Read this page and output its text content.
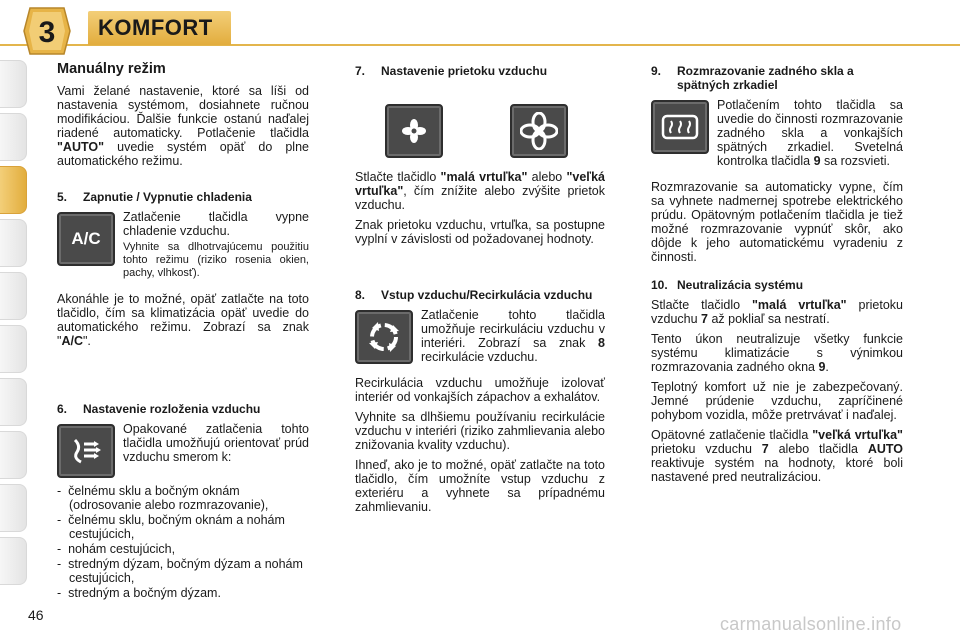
3	KOMFORT
Manuálny režim

Vami želané nastavenie, ktoré sa líši od nastavenia systémom, dosiahnete ručnou modifikáciou. Ďalšie funkcie ostanú naďalej riadené automaticky. Potlačenie tlačidla "AUTO" uvedie systém opäť do plne automatického režimu.

5.	Zapnutie / Vypnutie chladenia
A/C

Zatlačenie tlačidla vypne chladenie vzduchu.

Vyhnite sa dlhotrvajúcemu použitiu tohto režimu (riziko rosenia okien, pachy, vlhkosť).

Akonáhle je to možné, opäť zatlačte na toto tlačidlo, čím sa klimatizácia opäť uvedie do automatického režimu. Zobrazí sa znak "A/C".

6.	Nastavenie rozloženia vzduchu

Opakované zatlačenia tohto tlačidla umožňujú orientovať prúd vzduchu smerom k:

-  čelnému sklu a bočným oknám (odrosovanie alebo rozmrazovanie),
-  čelnému sklu, bočným oknám a nohám cestujúcich,
-  nohám cestujúcich,
-  stredným dýzam, bočným dýzam a nohám cestujúcich,
-  stredným a bočným dýzam.
7.	Nastavenie prietoku vzduchu

Stlačte tlačidlo "malá vrtuľka" alebo "veľká vrtuľka", čím znížite alebo zvýšite prietok vzduchu.

Znak prietoku vzduchu, vrtuľka, sa postupne vyplní v závislosti od požadovanej hodnoty.

8.	Vstup vzduchu/Recirkulácia vzduchu

Zatlačenie tohto tlačidla umožňuje recirkuláciu vzduchu v interiéri. Zobrazí sa znak 8 recirkulácie vzduchu.

Recirkulácia vzduchu umožňuje izolovať interiér od vonkajších zápachov a exhalátov.

Vyhnite sa dlhšiemu používaniu recirkulácie vzduchu v interiéri (riziko zahmlievania alebo znižovania kvality vzduchu).

Ihneď, ako je to možné, opäť zatlačte na toto tlačidlo, čím umožníte vstup vzduchu z exteriéru a vyhnete sa prípadnému zahmlievaniu.

9.	Rozmrazovanie zadného skla a spätných zrkadiel

Potlačením tohto tlačidla sa uvedie do činnosti rozmrazovanie zadného skla a vonkajších spätných zrkadiel. Svetelná kontrolka tlačidla 9 sa rozsvieti.

Rozmrazovanie sa automaticky vypne, čím sa vyhnete nadmernej spotrebe elektrického prúdu. Opätovným potlačením tlačidla je tiež možné rozmrazovanie vypnúť skôr, ako dôjde k jeho automatickému vyradeniu z činnosti.

10. Neutralizácia systému

Stlačte tlačidlo "malá vrtuľka" prietoku vzduchu 7 až pokliaľ sa nestratí.

Tento úkon neutralizuje všetky funkcie systému klimatizácie s výnimkou rozmrazovania zadného okna 9.

Teplotný komfort už nie je zabezpečovaný. Jemné prúdenie vzduchu, zapríčinené pohybom vozidla, môže pretrvávať i naďalej.

Opätovné zatlačenie tlačidla "veľká vrtuľka" prietoku vzduchu 7 alebo tlačidla AUTO reaktivuje systém na hodnoty, ktoré boli nastavené pred neutralizáciou.

46	carmanualsonline.info
